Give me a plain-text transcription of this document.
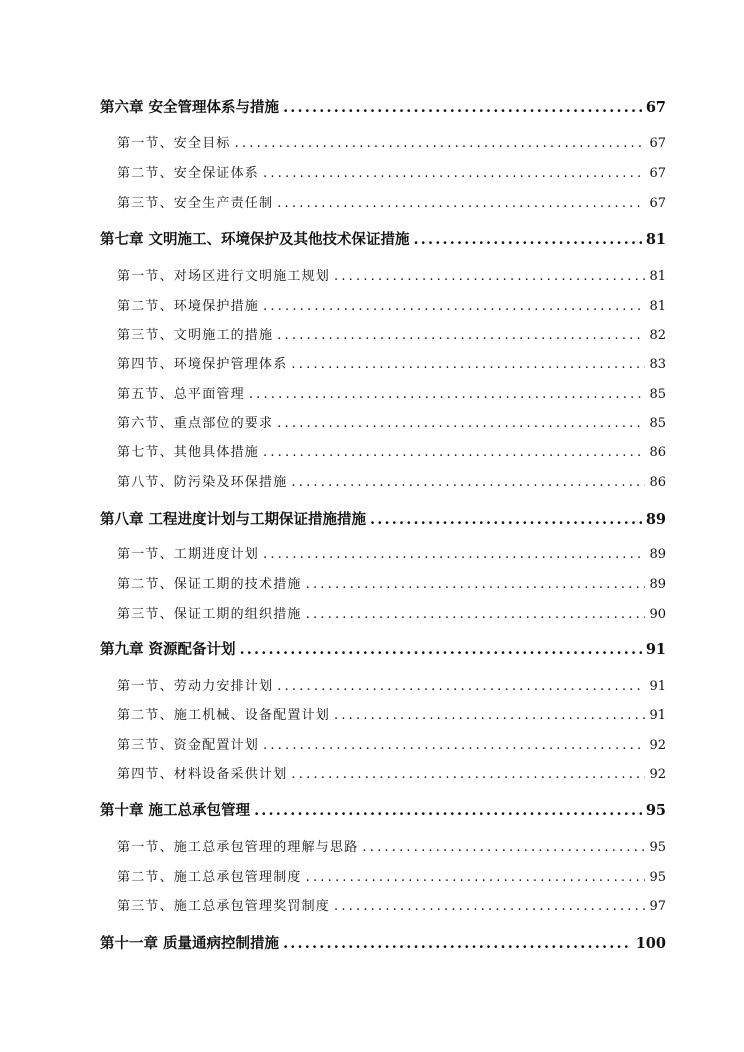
第六章 安全管理体系与措施 .....	67
第一节、安全目标 .....	67
第二节、安全保证体系 .....	67
第三节、安全生产责任制 .....	67
第七章 文明施工、环境保护及其他技术保证措施 .....	81
第一节、对场区进行文明施工规划 .....	81
第二节、环境保护措施 .....	81
第三节、文明施工的措施 .....	82
第四节、环境保护管理体系 .....	83
第五节、总平面管理 .....	85
第六节、重点部位的要求 .....	85
第七节、其他具体措施 .....	86
第八节、防污染及环保措施 .....	86
第八章 工程进度计划与工期保证措施措施 .....	89
第一节、工期进度计划 .....	89
第二节、保证工期的技术措施 .....	89
第三节、保证工期的组织措施 .....	90
第九章 资源配备计划 .....	91
第一节、劳动力安排计划 .....	91
第二节、施工机械、设备配置计划 .....	91
第三节、资金配置计划 .....	92
第四节、材料设备采供计划 .....	92
第十章 施工总承包管理 .....	95
第一节、施工总承包管理的理解与思路 .....	95
第二节、施工总承包管理制度 .....	95
第三节、施工总承包管理奖罚制度 .....	97
第十一章 质量通病控制措施 .....	100
